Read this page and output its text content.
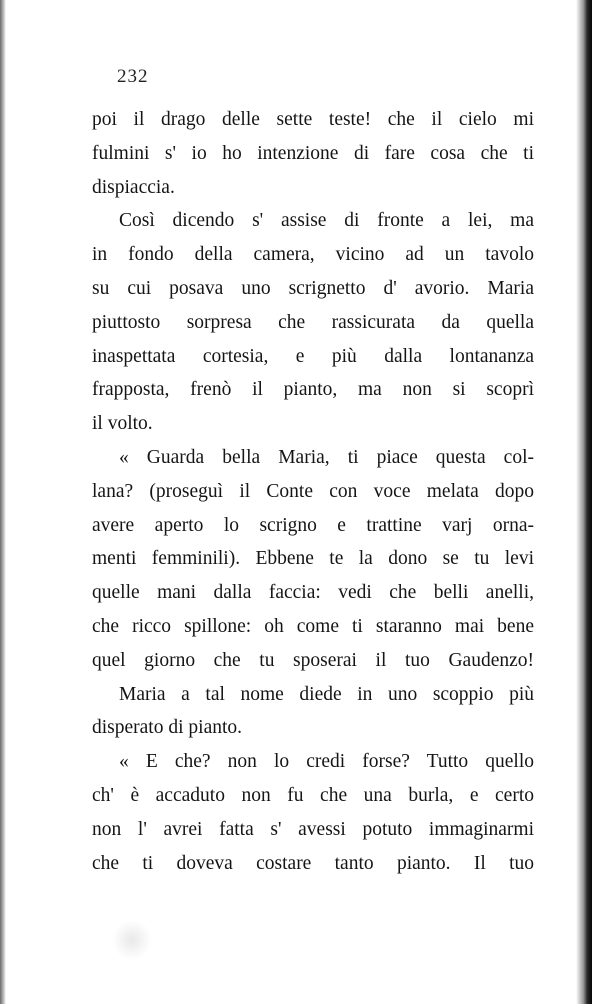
232
poi il drago delle sette teste! che il cielo mi
fulmini s' io ho intenzione di fare cosa che ti
dispiaccia.
Così dicendo s' assise di fronte a lei, ma
in fondo della camera, vicino ad un tavolo
su cui posava uno scrignetto d' avorio. Maria
piuttosto sorpresa che rassicurata da quella
inaspettata cortesia, e più dalla lontananza
frapposta, frenò il pianto, ma non si scoprì
il volto.
« Guarda bella Maria, ti piace questa col-
lana? (proseguì il Conte con voce melata dopo
avere aperto lo scrigno e trattine varj orna-
menti femminili). Ebbene te la dono se tu levi
quelle mani dalla faccia: vedi che belli anelli,
che ricco spillone: oh come ti staranno mai bene
quel giorno che tu sposerai il tuo Gaudenzo!
Maria a tal nome diede in uno scoppio più
disperato di pianto.
« E che? non lo credi forse? Tutto quello
ch' è accaduto non fu che una burla, e certo
non l' avrei fatta s' avessi potuto immaginarmi
che ti doveva costare tanto pianto. Il tuo
